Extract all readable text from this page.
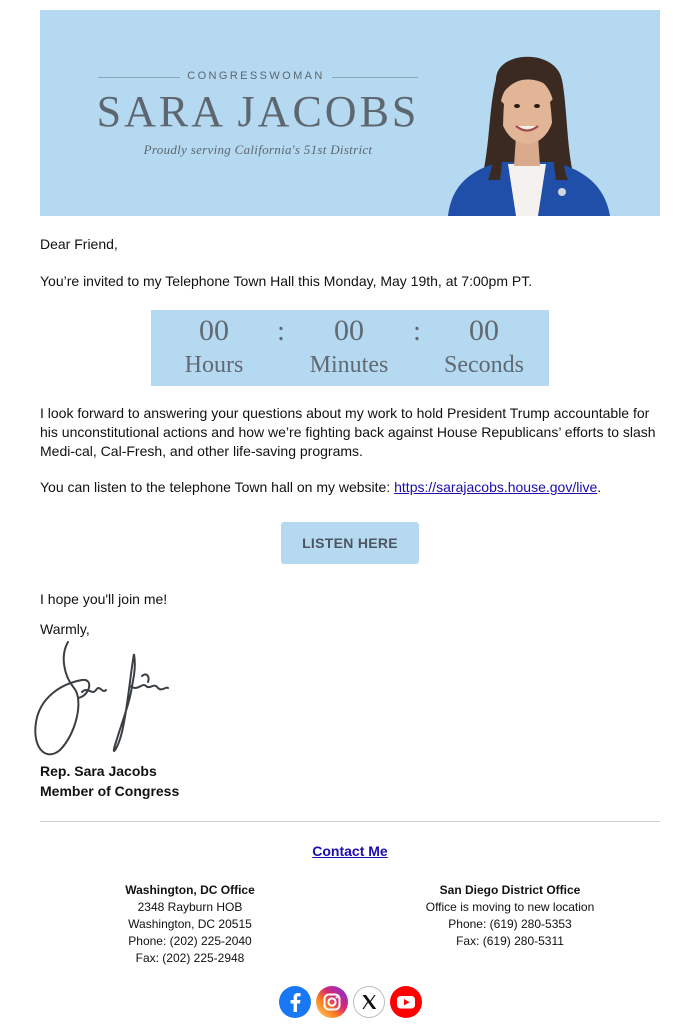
CONGRESSWOMAN
SARA JACOBS
Proudly serving California's 51st District
Dear Friend,
You’re invited to my Telephone Town Hall this Monday, May 19th, at 7:00pm PT.
00	:	00	:	00
Hours	Minutes	Seconds
I look forward to answering your questions about my work to hold President Trump accountable for his unconstitutional actions and how we’re fighting back against House Republicans’ efforts to slash Medi-cal, Cal-Fresh, and other life-saving programs.
You can listen to the telephone Town hall on my website: https://sarajacobs.house.gov/live.
LISTEN HERE
I hope you'll join me!
Warmly,
Rep. Sara Jacobs
Member of Congress
Contact Me
Washington, DC Office
2348 Rayburn HOB
Washington, DC 20515
Phone: (202) 225-2040
Fax: (202) 225-2948
San Diego District Office
Office is moving to new location
Phone: (619) 280-5353
Fax: (619) 280-5311
